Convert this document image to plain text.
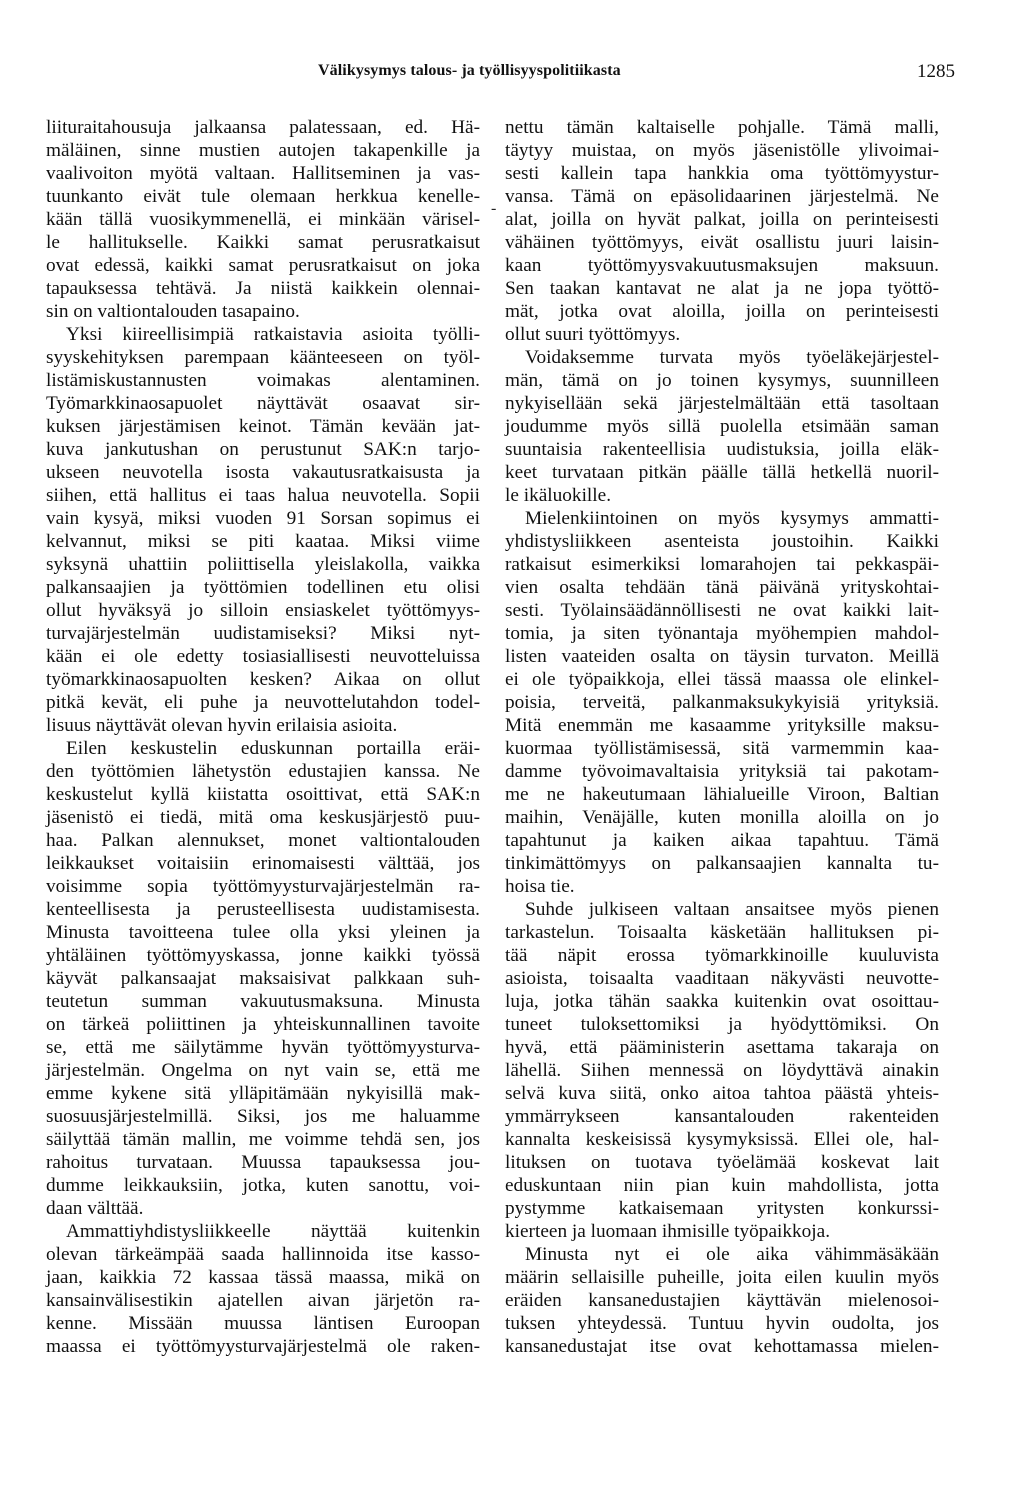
Välikysymys talous- ja työllisyyspolitiikasta	1285
liituraitahousuja jalkaansa palatessaan, ed. Hä-
mäläinen, sinne mustien autojen takapenkille ja
vaalivoiton myötä valtaan. Hallitseminen ja vas-
tuunkanto eivät tule olemaan herkkua kenelle-
kään tällä vuosikymmenellä, ei minkään värisel-
le hallitukselle. Kaikki samat perusratkaisut
ovat edessä, kaikki samat perusratkaisut on joka
tapauksessa tehtävä. Ja niistä kaikkein olennai-
sin on valtiontalouden tasapaino.
Yksi kiireellisimpiä ratkaistavia asioita työlli-
syyskehityksen parempaan käänteeseen on työl-
listämiskustannusten voimakas alentaminen.
Työmarkkinaosapuolet näyttävät osaavat sir-
kuksen järjestämisen keinot. Tämän kevään jat-
kuva jankutushan on perustunut SAK:n tarjo-
ukseen neuvotella isosta vakautusratkaisusta ja
siihen, että hallitus ei taas halua neuvotella. Sopii
vain kysyä, miksi vuoden 91 Sorsan sopimus ei
kelvannut, miksi se piti kaataa. Miksi viime
syksynä uhattiin poliittisella yleislakolla, vaikka
palkansaajien ja työttömien todellinen etu olisi
ollut hyväksyä jo silloin ensiaskelet työttömyys-
turvajärjestelmän uudistamiseksi? Miksi nyt-
kään ei ole edetty tosiasiallisesti neuvotteluissa
työmarkkinaosapuolten kesken? Aikaa on ollut
pitkä kevät, eli puhe ja neuvottelutahdon todel-
lisuus näyttävät olevan hyvin erilaisia asioita.
Eilen keskustelin eduskunnan portailla eräi-
den työttömien lähetystön edustajien kanssa. Ne
keskustelut kyllä kiistatta osoittivat, että SAK:n
jäsenistö ei tiedä, mitä oma keskusjärjestö puu-
haa. Palkan alennukset, monet valtiontalouden
leikkaukset voitaisiin erinomaisesti välttää, jos
voisimme sopia työttömyysturvajärjestelmän ra-
kenteellisesta ja perusteellisesta uudistamisesta.
Minusta tavoitteena tulee olla yksi yleinen ja
yhtäläinen työttömyyskassa, jonne kaikki työssä
käyvät palkansaajat maksaisivat palkkaan suh-
teutetun summan vakuutusmaksuna. Minusta
on tärkeä poliittinen ja yhteiskunnallinen tavoite
se, että me säilytämme hyvän työttömyysturva-
järjestelmän. Ongelma on nyt vain se, että me
emme kykene sitä ylläpitämään nykyisillä mak-
suosuusjärjestelmillä. Siksi, jos me haluamme
säilyttää tämän mallin, me voimme tehdä sen, jos
rahoitus turvataan. Muussa tapauksessa jou-
dumme leikkauksiin, jotka, kuten sanottu, voi-
daan välttää.
Ammattiyhdistysliikkeelle näyttää kuitenkin
olevan tärkeämpää saada hallinnoida itse kasso-
jaan, kaikkia 72 kassaa tässä maassa, mikä on
kansainvälisestikin ajatellen aivan järjetön ra-
kenne. Missään muussa läntisen Euroopan
maassa ei työttömyysturvajärjestelmä ole raken-
-
nettu tämän kaltaiselle pohjalle. Tämä malli,
täytyy muistaa, on myös jäsenistölle ylivoimai-
sesti kallein tapa hankkia oma työttömyystur-
vansa. Tämä on epäsolidaarinen järjestelmä. Ne
alat, joilla on hyvät palkat, joilla on perinteisesti
vähäinen työttömyys, eivät osallistu juuri laisin-
kaan työttömyysvakuutusmaksujen maksuun.
Sen taakan kantavat ne alat ja ne jopa työttö-
mät, jotka ovat aloilla, joilla on perinteisesti
ollut suuri työttömyys.
Voidaksemme turvata myös työeläkejärjestel-
män, tämä on jo toinen kysymys, suunnilleen
nykyisellään sekä järjestelmältään että tasoltaan
joudumme myös sillä puolella etsimään saman
suuntaisia rakenteellisia uudistuksia, joilla eläk-
keet turvataan pitkän päälle tällä hetkellä nuoril-
le ikäluokille.
Mielenkiintoinen on myös kysymys ammatti-
yhdistysliikkeen asenteista joustoihin. Kaikki
ratkaisut esimerkiksi lomarahojen tai pekkaspäi-
vien osalta tehdään tänä päivänä yrityskohtai-
sesti. Työlainsäädännöllisesti ne ovat kaikki lait-
tomia, ja siten työnantaja myöhempien mahdol-
listen vaateiden osalta on täysin turvaton. Meillä
ei ole työpaikkoja, ellei tässä maassa ole elinkel-
poisia, terveitä, palkanmaksukykyisiä yrityksiä.
Mitä enemmän me kasaamme yrityksille maksu-
kuormaa työllistämisessä, sitä varmemmin kaa-
damme työvoimavaltaisia yrityksiä tai pakotam-
me ne hakeutumaan lähialueille Viroon, Baltian
maihin, Venäjälle, kuten monilla aloilla on jo
tapahtunut ja kaiken aikaa tapahtuu. Tämä
tinkimättömyys on palkansaajien kannalta tu-
hoisa tie.
Suhde julkiseen valtaan ansaitsee myös pienen
tarkastelun. Toisaalta käsketään hallituksen pi-
tää näpit erossa työmarkkinoille kuuluvista
asioista, toisaalta vaaditaan näkyvästi neuvotte-
luja, jotka tähän saakka kuitenkin ovat osoittau-
tuneet tuloksettomiksi ja hyödyttömiksi. On
hyvä, että pääministerin asettama takaraja on
lähellä. Siihen mennessä on löydyttävä ainakin
selvä kuva siitä, onko aitoa tahtoa päästä yhteis-
ymmärrykseen kansantalouden rakenteiden
kannalta keskeisissä kysymyksissä. Ellei ole, hal-
lituksen on tuotava työelämää koskevat lait
eduskuntaan niin pian kuin mahdollista, jotta
pystymme katkaisemaan yritysten konkurssi-
kierteen ja luomaan ihmisille työpaikkoja.
Minusta nyt ei ole aika vähimmäsäkään
määrin sellaisille puheille, joita eilen kuulin myös
eräiden kansanedustajien käyttävän mielenosoi-
tuksen yhteydessä. Tuntuu hyvin oudolta, jos
kansanedustajat itse ovat kehottamassa mielen-
